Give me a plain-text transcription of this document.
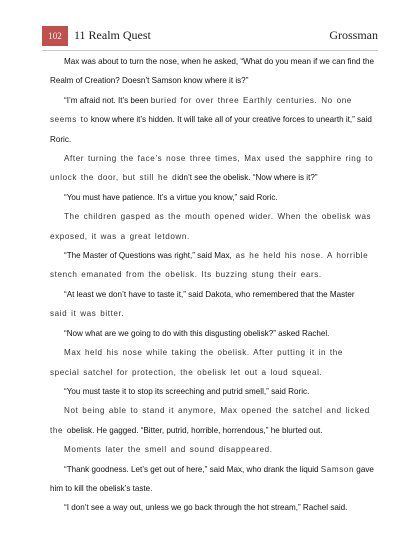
102 11 Realm Quest	Grossman

Max was about to turn the nose, when he asked, “What do you mean if we can find the Realm of Creation? Doesn’t Samson know where it is?”

“I’m afraid not. It’s been buried for over three Earthly centuries. No one seems to know where it’s hidden. It will take all of your creative forces to unearth it,” said Roric.

After turning the face’s nose three times, Max used the sapphire ring to unlock the door, but still he didn’t see the obelisk. “Now where is it?”

“You must have patience. It’s a virtue you know,” said Roric.

The children gasped as the mouth opened wider. When the obelisk was exposed, it was a great letdown.

“The Master of Questions was right,” said Max, as he held his nose. A horrible stench emanated from the obelisk. Its buzzing stung their ears.

“At least we don’t have to taste it,” said Dakota, who remembered that the Master said it was bitter.

“Now what are we going to do with this disgusting obelisk?” asked Rachel.

Max held his nose while taking the obelisk. After putting it in the special satchel for protection, the obelisk let out a loud squeal.

“You must taste it to stop its screeching and putrid smell,” said Roric.

Not being able to stand it anymore, Max opened the satchel and licked the obelisk. He gagged. “Bitter, putrid, horrible, horrendous,” he blurted out.

Moments later the smell and sound disappeared.

“Thank goodness. Let’s get out of here,” said Max, who drank the liquid Samson gave him to kill the obelisk’s taste.

“I don’t see a way out, unless we go back through the hot stream,” Rachel said.
